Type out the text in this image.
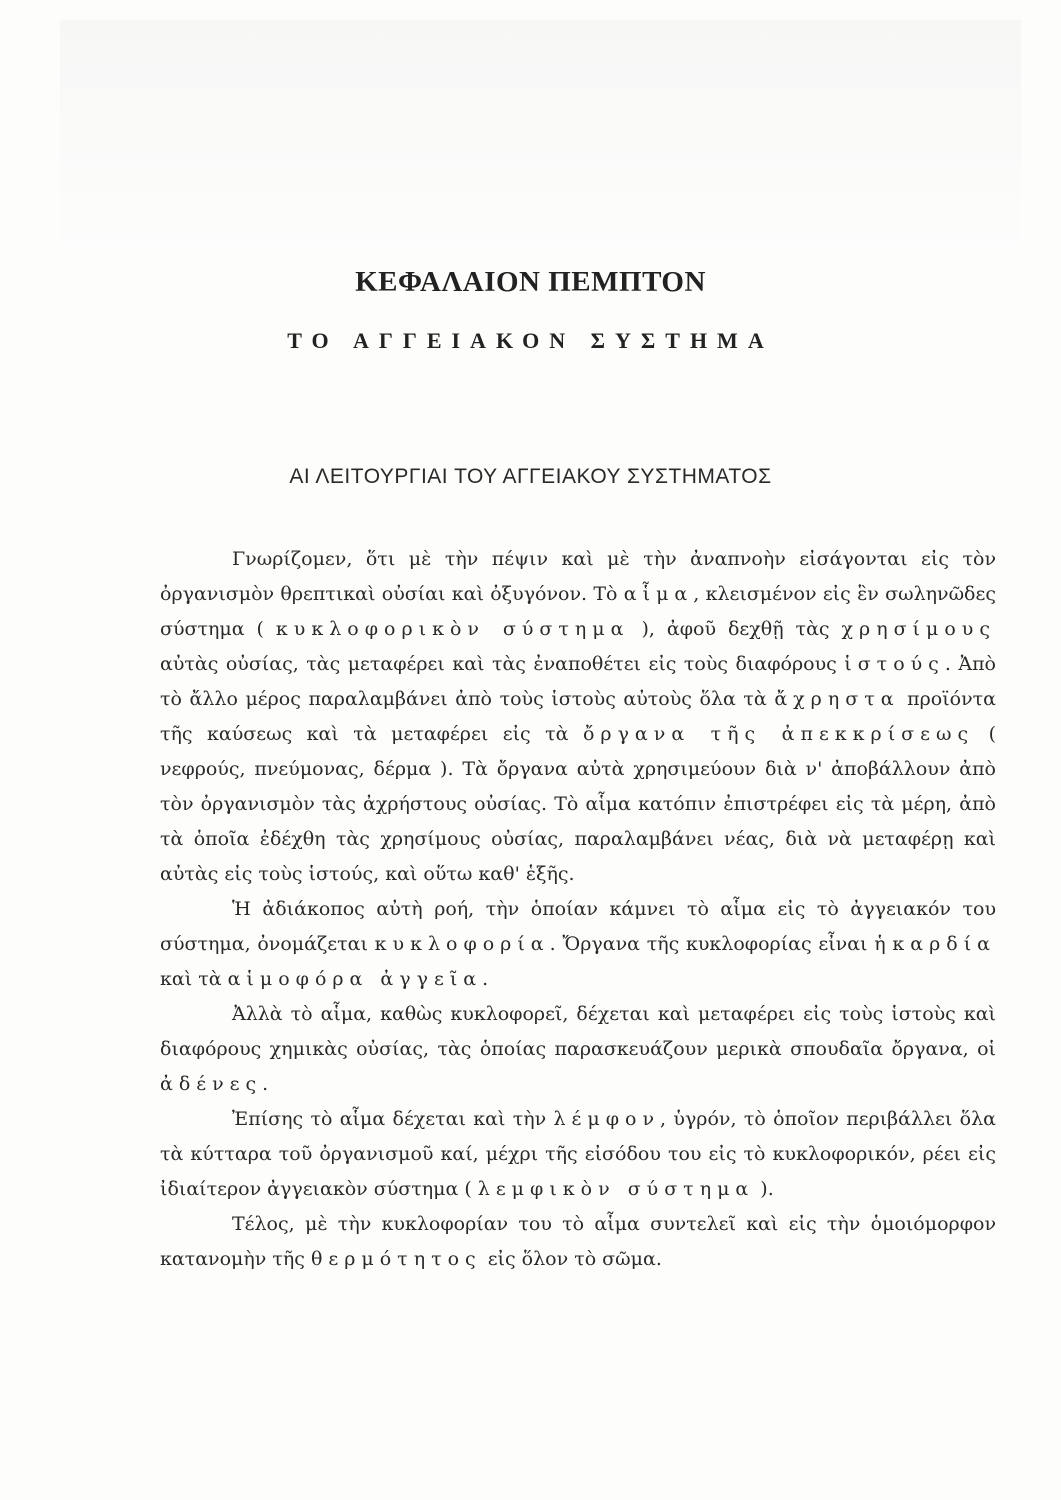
ΚΕΦΑΛΑΙΟΝ ΠΕΜΠΤΟΝ
ΤΟ ΑΓΓΕΙΑΚΟΝ ΣΥΣΤΗΜΑ
ΑΙ ΛΕΙΤΟΥΡΓΙΑΙ ΤΟΥ ΑΓΓΕΙΑΚΟΥ ΣΥΣΤΗΜΑΤΟΣ

Γνωρίζομεν, ὅτι μὲ τὴν πέψιν καὶ μὲ τὴν ἀναπνοὴν εἰσάγονται εἰς τὸν ὀργανισμὸν θρεπτικαὶ οὐσίαι καὶ ὀξυγόνον. Τὸ αἷμα, κλεισμένον εἰς ἓν σωληνῶδες σύστημα ( κυκλοφορικὸν σύστημα ), ἀφοῦ δεχθῇ τὰς χρησίμους αὐτὰς οὐσίας, τὰς μεταφέρει καὶ τὰς ἐναποθέτει εἰς τοὺς διαφόρους ἱστούς. Ἀπὸ τὸ ἄλλο μέρος παραλαμβάνει ἀπὸ τοὺς ἱστοὺς αὐτοὺς ὅλα τὰ ἄχρηστα προϊόντα τῆς καύσεως καὶ τὰ μεταφέρει εἰς τὰ ὄργανα τῆς ἀπεκκρίσεως ( νεφρούς, πνεύμονας, δέρμα ). Τὰ ὄργανα αὐτὰ χρησιμεύουν διὰ ν' ἀποβάλλουν ἀπὸ τὸν ὀργανισμὸν τὰς ἀχρήστους οὐσίας. Τὸ αἷμα κατόπιν ἐπιστρέφει εἰς τὰ μέρη, ἀπὸ τὰ ὁποῖα ἐδέχθη τὰς χρησίμους οὐσίας, παραλαμβάνει νέας, διὰ νὰ μεταφέρῃ καὶ αὐτὰς εἰς τοὺς ἱστούς, καὶ οὕτω καθ' ἑξῆς.

Ἡ ἀδιάκοπος αὐτὴ ροή, τὴν ὁποίαν κάμνει τὸ αἷμα εἰς τὸ ἀγγειακόν του σύστημα, ὀνομάζεται κυκλοφορία. Ὄργανα τῆς κυκλοφορίας εἶναι ἡ καρδία καὶ τὰ αἱμοφόρα ἀγγεῖα.

Ἀλλὰ τὸ αἷμα, καθὼς κυκλοφορεῖ, δέχεται καὶ μεταφέρει εἰς τοὺς ἱστοὺς καὶ διαφόρους χημικὰς οὐσίας, τὰς ὁποίας παρασκευάζουν μερικὰ σπουδαῖα ὄργανα, οἱ ἀδένες.

Ἐπίσης τὸ αἷμα δέχεται καὶ τὴν λέμφον, ὑγρόν, τὸ ὁποῖον περιβάλλει ὅλα τὰ κύτταρα τοῦ ὀργανισμοῦ καί, μέχρι τῆς εἰσόδου του εἰς τὸ κυκλοφορικόν, ρέει εἰς ἰδιαίτερον ἀγγειακὸν σύστημα ( λεμφικὸν σύστημα ).

Τέλος, μὲ τὴν κυκλοφορίαν του τὸ αἷμα συντελεῖ καὶ εἰς τὴν ὁμοιόμορφον κατανομὴν τῆς θερμότητος εἰς ὅλον τὸ σῶμα.
